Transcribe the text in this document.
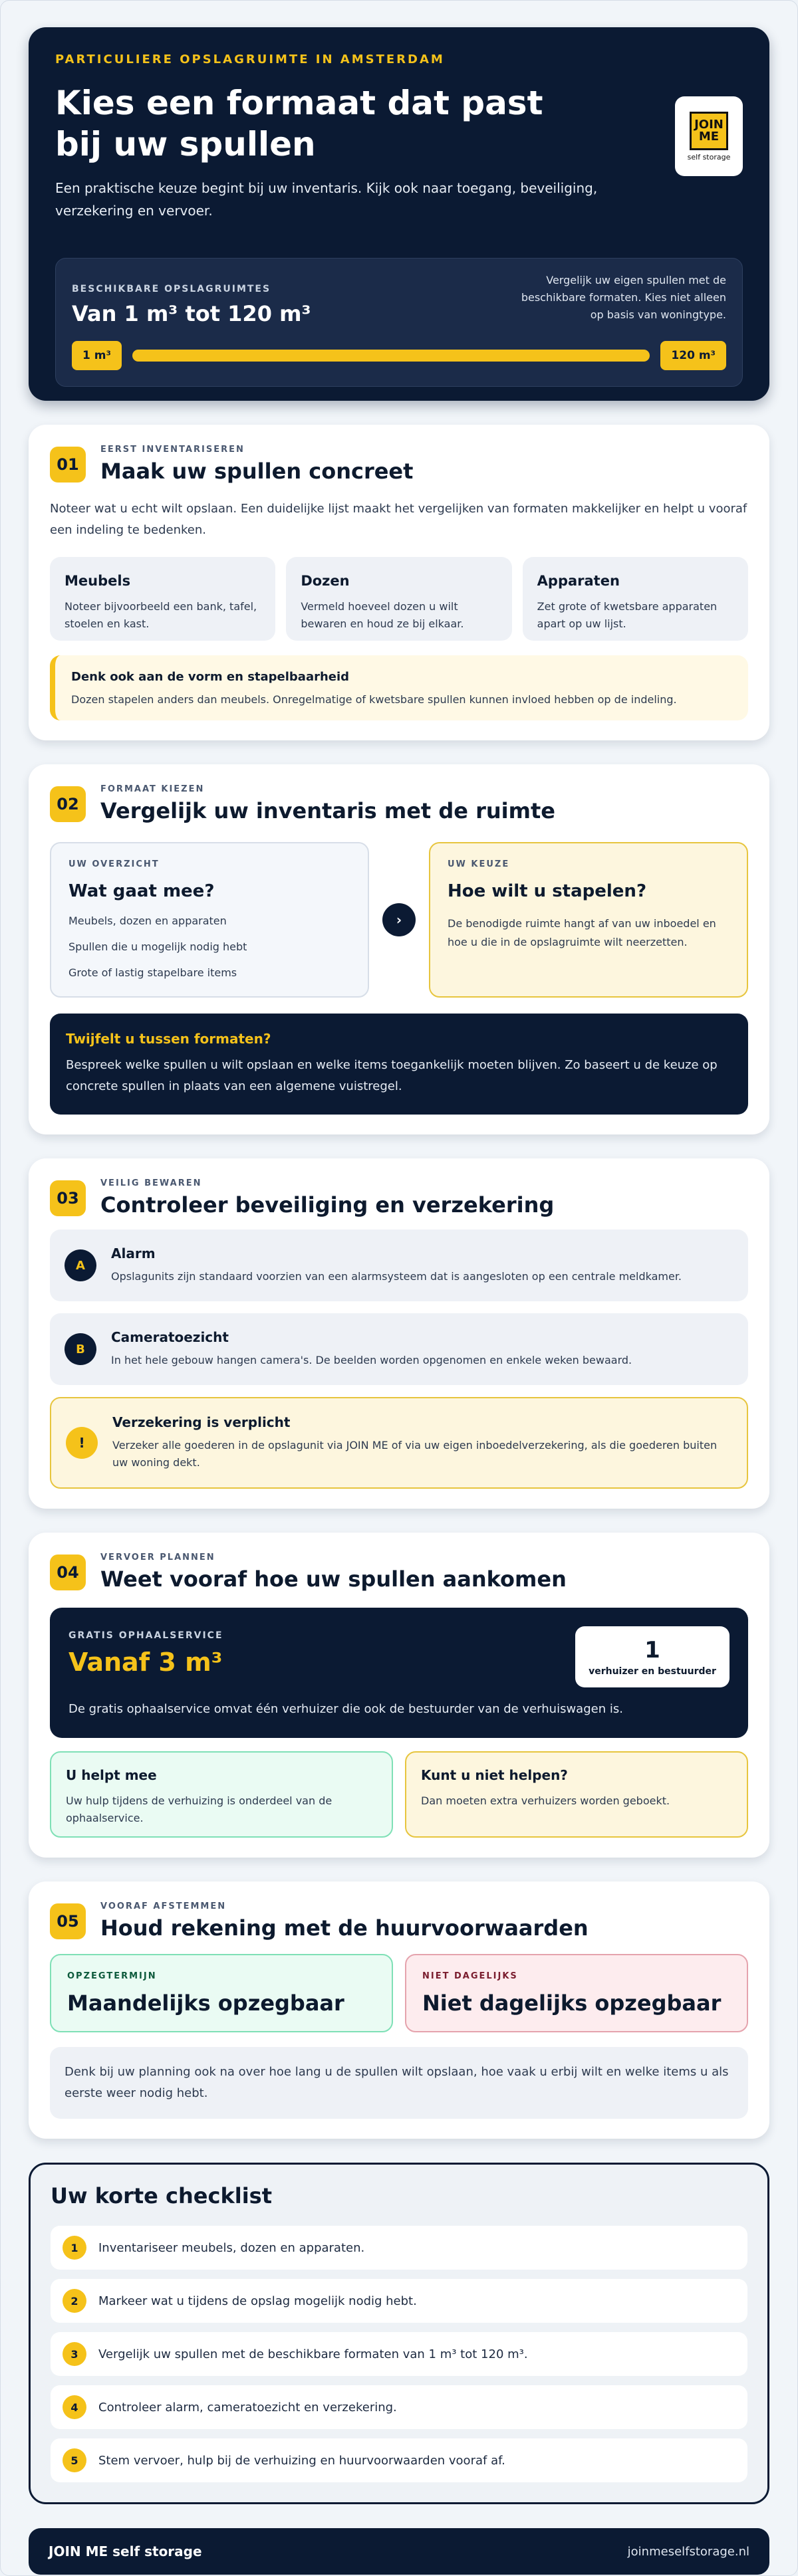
PARTICULIERE OPSLAGRUIMTE IN AMSTERDAM
Kies een formaat dat past bij uw spullen

Een praktische keuze begint bij uw inventaris. Kijk ook naar toegang, beveiliging, verzekering en vervoer.

JOIN ME
self storage
BESCHIKBARE OPSLAGRUIMTES
Van 1 m³ tot 120 m³
Vergelijk uw eigen spullen met de beschikbare formaten. Kies niet alleen op basis van woningtype.
1 m³	120 m³
01
EERST INVENTARISEREN
Maak uw spullen concreet

Noteer wat u echt wilt opslaan. Een duidelijke lijst maakt het vergelijken van formaten makkelijker en helpt u vooraf een indeling te bedenken.

Meubels

Noteer bijvoorbeeld een bank, tafel, stoelen en kast.

Dozen

Vermeld hoeveel dozen u wilt bewaren en houd ze bij elkaar.

Apparaten

Zet grote of kwetsbare apparaten apart op uw lijst.

Denk ook aan de vorm en stapelbaarheid

Dozen stapelen anders dan meubels. Onregelmatige of kwetsbare spullen kunnen invloed hebben op de indeling.

02
FORMAAT KIEZEN
Vergelijk uw inventaris met de ruimte
UW OVERZICHT
Wat gaat mee?
Meubels, dozen en apparaten
Spullen die u mogelijk nodig hebt
Grote of lastig stapelbare items
›
UW KEUZE
Hoe wilt u stapelen?

De benodigde ruimte hangt af van uw inboedel en hoe u die in de opslagruimte wilt neerzetten.

Twijfelt u tussen formaten?

Bespreek welke spullen u wilt opslaan en welke items toegankelijk moeten blijven. Zo baseert u de keuze op concrete spullen in plaats van een algemene vuistregel.

03
VEILIG BEWAREN
Controleer beveiliging en verzekering
A
Alarm

Opslagunits zijn standaard voorzien van een alarmsysteem dat is aangesloten op een centrale meldkamer.

B
Cameratoezicht

In het hele gebouw hangen camera's. De beelden worden opgenomen en enkele weken bewaard.

!
Verzekering is verplicht

Verzeker alle goederen in de opslagunit via JOIN ME of via uw eigen inboedelverzekering, als die goederen buiten uw woning dekt.

04
VERVOER PLANNEN
Weet vooraf hoe uw spullen aankomen
GRATIS OPHAALSERVICE
Vanaf 3 m³
De gratis ophaalservice omvat één verhuizer die ook de bestuurder van de verhuiswagen is.
1
verhuizer en bestuurder
U helpt mee

Uw hulp tijdens de verhuizing is onderdeel van de ophaalservice.

Kunt u niet helpen?

Dan moeten extra verhuizers worden geboekt.

05
VOORAF AFSTEMMEN
Houd rekening met de huurvoorwaarden
OPZEGTERMIJN
Maandelijks opzegbaar
NIET DAGELIJKS
Niet dagelijks opzegbaar
Denk bij uw planning ook na over hoe lang u de spullen wilt opslaan, hoe vaak u erbij wilt en welke items u als eerste weer nodig hebt.
Uw korte checklist
1	Inventariseer meubels, dozen en apparaten.
2	Markeer wat u tijdens de opslag mogelijk nodig hebt.
3	Vergelijk uw spullen met de beschikbare formaten van 1 m³ tot 120 m³.
4	Controleer alarm, cameratoezicht en verzekering.
5	Stem vervoer, hulp bij de verhuizing en huurvoorwaarden vooraf af.
JOIN ME self storage	joinmeselfstorage.nl
